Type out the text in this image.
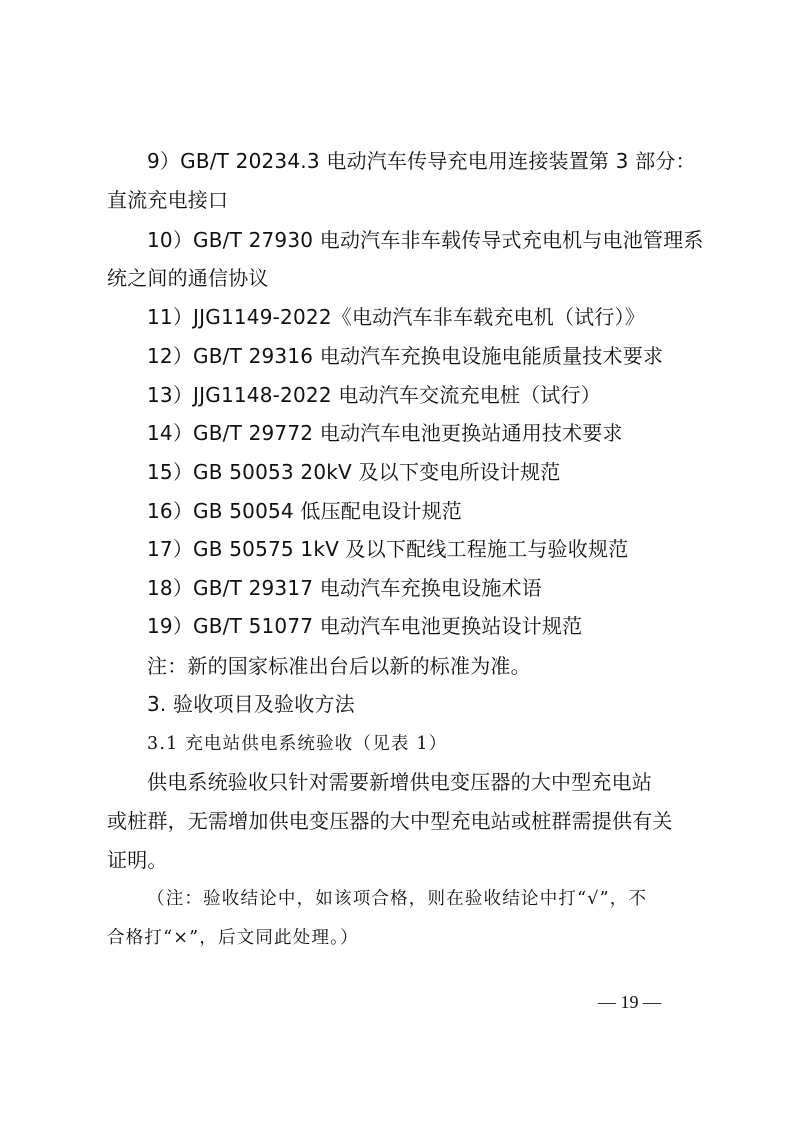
9）GB/T 20234.3 电动汽车传导充电用连接装置第 3 部分：
直流充电接口
10）GB/T 27930 电动汽车非车载传导式充电机与电池管理系
统之间的通信协议
11）JJG1149-2022《电动汽车非车载充电机（试行）》
12）GB/T 29316 电动汽车充换电设施电能质量技术要求
13）JJG1148-2022 电动汽车交流充电桩（试行）
14）GB/T 29772 电动汽车电池更换站通用技术要求
15）GB 50053 20kV 及以下变电所设计规范
16）GB 50054 低压配电设计规范
17）GB 50575 1kV 及以下配线工程施工与验收规范
18）GB/T 29317 电动汽车充换电设施术语
19）GB/T 51077 电动汽车电池更换站设计规范
注：新的国家标准出台后以新的标准为准。
3. 验收项目及验收方法
3.1 充电站供电系统验收（见表 1）
供电系统验收只针对需要新增供电变压器的大中型充电站
或桩群，无需增加供电变压器的大中型充电站或桩群需提供有关
证明。
（注：验收结论中，如该项合格，则在验收结论中打“√”，不
合格打“×”，后文同此处理。）
— 19 —
